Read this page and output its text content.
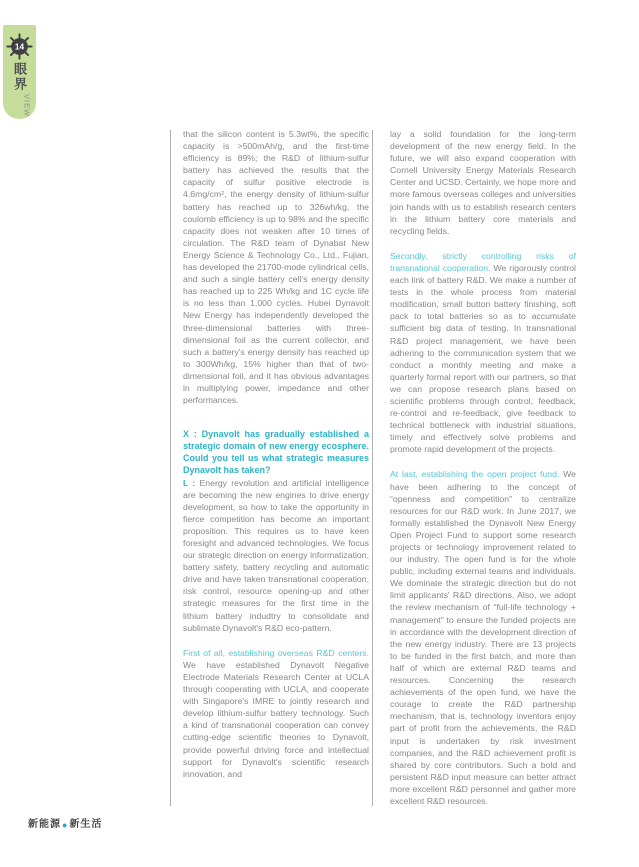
14
眼界
VIEW

that the silicon content is 5.3wt%, the specific capacity is >500mAh/g, and the first-time efficiency is 89%; the R&D of lithium-sulfur battery has achieved the results that the capacity of sulfur positive electrode is 4.6mg/cm², the energy density of lithium-sulfur battery has reached up to 326wh/kg, the coulomb efficiency is up to 98% and the specific capacity does not weaken after 10 times of circulation. The R&D team of Dynabat New Energy Science & Technology Co., Ltd., Fujian, has developed the 21700-mode cylindrical cells, and such a single battery cell's energy density has reached up to 225 Wh/kg and 1C cycle life is no less than 1,000 cycles. Hubei Dynavolt New Energy has independently developed the three-dimensional batteries with three-dimensional foil as the current collector, and such a battery's energy density has reached up to 300Wh/kg, 15% higher than that of two-dimensional foil, and it has obvious advantages in multiplying power, impedance and other performances.

X : Dynavolt has gradually established a strategic domain of new energy ecosphere. Could you tell us what strategic measures Dynavolt has taken?

L : Energy revolution and artificial intelligence are becoming the new engines to drive energy development, so how to take the opportunity in fierce competition has become an important proposition. This requires us to have keen foresight and advanced technologies. We focus our strategic direction on energy informatization, battery safety, battery recycling and automatic drive and have taken transnational cooperation, risk control, resource opening-up and other strategic measures for the first time in the lithium battery indudtry to consolidate and sublimate Dynavolt's R&D eco-pattern.

First of all, establishing overseas R&D centers. We have established Dynavolt Negative Electrode Materials Research Center at UCLA through cooperating with UCLA, and cooperate with Singapore's IMRE to jointly research and develop lithium-sulfur battery technology. Such a kind of transnational cooperation can convey cutting-edge scientific theories to Dynavolt, provide powerful driving force and intellectual support for Dynavolt's scientific research innovation, and

lay a solid foundation for the long-term development of the new energy field. In the future, we will also expand cooperation with Cornell University Energy Materials Research Center and UCSD. Certainly, we hope more and more famous overseas colleges and universities join hands with us to establish research centers in the lithium battery core materials and recycling fields.

Secondly, strictly controlling risks of transnational cooperation. We rigorously control each link of battery R&D. We make a number of tests in the whole process from material modification, small button battery finishing, soft pack to total batteries so as to accumulate sufficient big data of testing. In transnational R&D project management, we have been adhering to the communication system that we conduct a monthly meeting and make a quarterly formal report with our partners, so that we can propose research plans based on scientific problems through control, feedback, re-control and re-feedback, give feedback to technical bottleneck with industrial situations, timely and effectively solve problems and promote rapid development of the projects.

At last, establishing the open project fund. We have been adhering to the concept of “openness and competition” to centralize resources for our R&D work. In June 2017, we formally established the Dynavolt New Energy Open Project Fund to support some research projects or technology improvement related to our industry. The open fund is for the whole public, including external teams and individuals. We dominate the strategic direction but do not limit applicants' R&D directions. Also, we adopt the review mechanism of “full-life technology + management” to ensure the funded projects are in accordance with the development direction of the new energy industry. There are 13 projects to be funded in the first batch, and more than half of which are external R&D teams and resources. Concerning the research achievements of the open fund, we have the courage to create the R&D partnership mechanism, that is, technology inventors enjoy part of profit from the achievements, the R&D input is undertaken by risk investment companies, and the R&D achievement profit is shared by core contributors. Such a bold and persistent R&D input measure can better attract more excellent R&D personnel and gather more excellent R&D resources.

新能源 ● 新生活
